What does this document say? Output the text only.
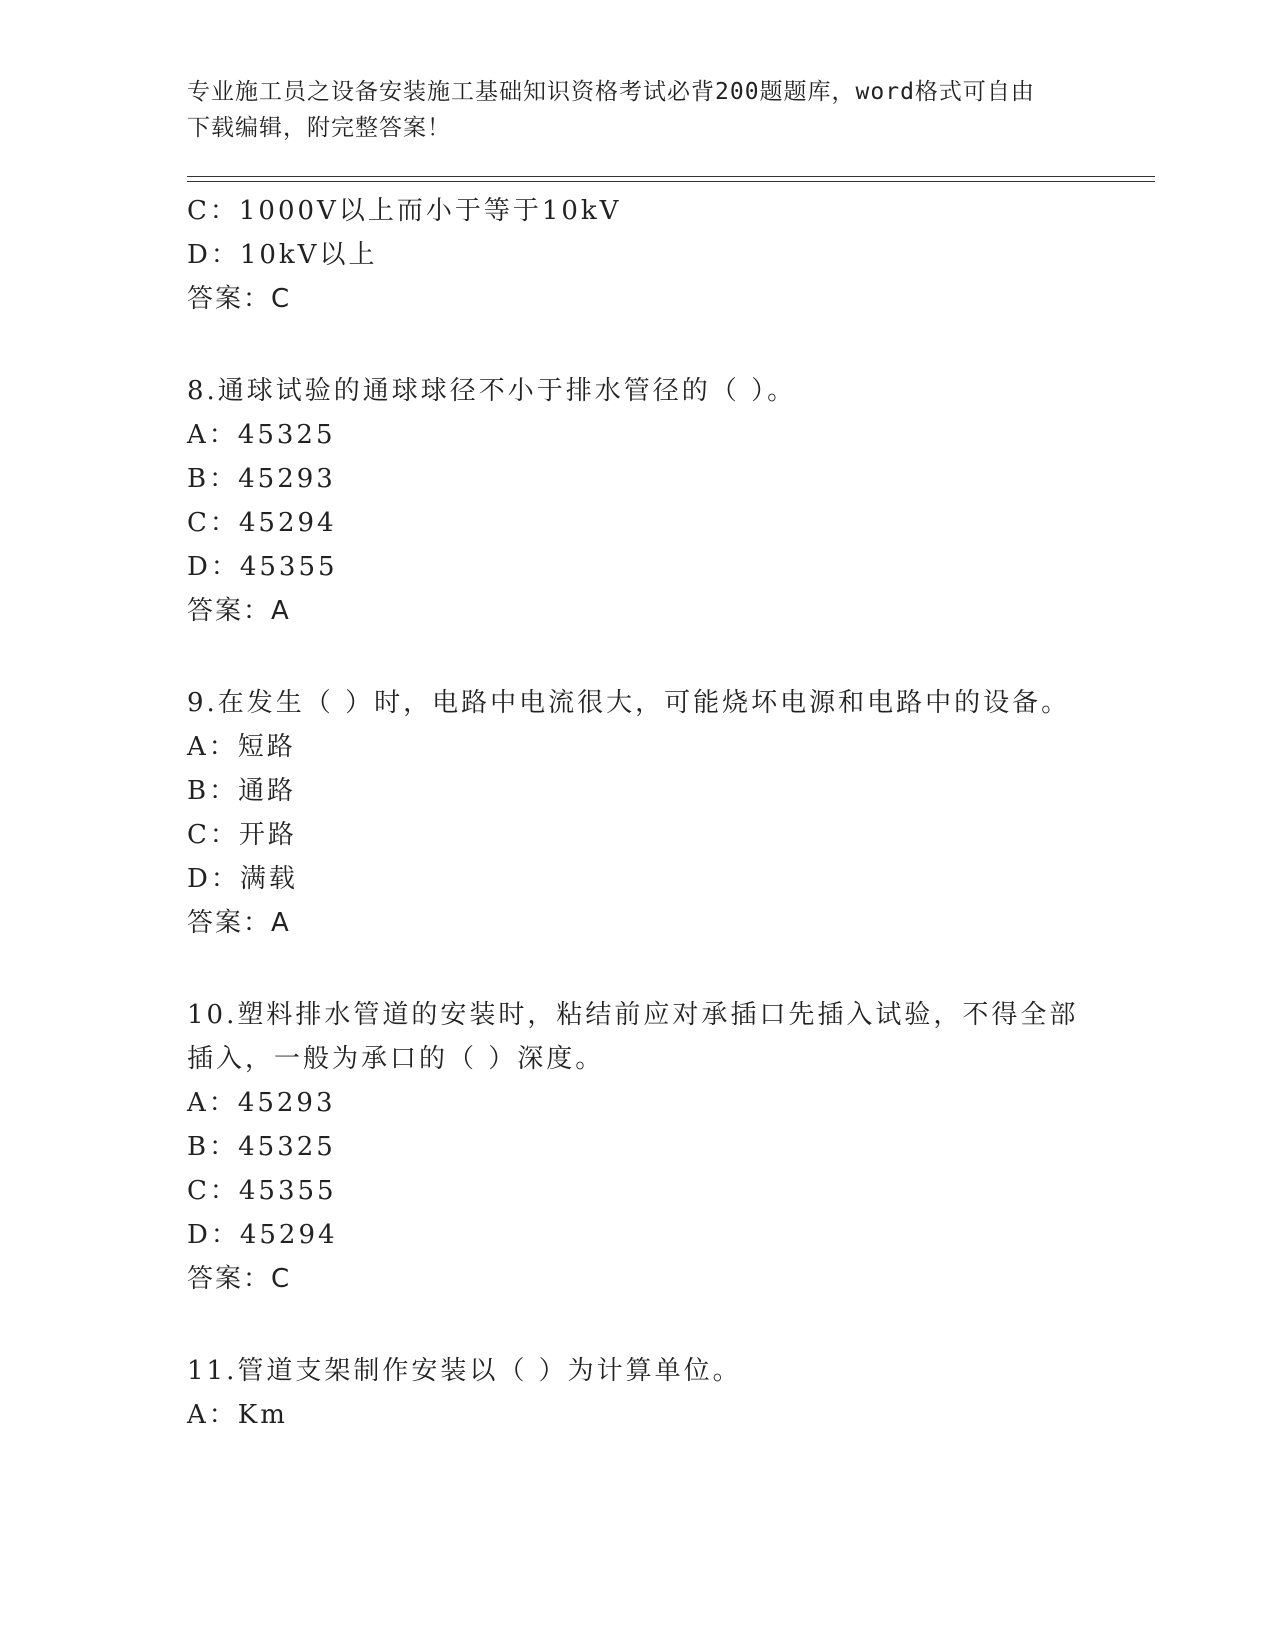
专业施工员之设备安装施工基础知识资格考试必背200题题库，word格式可自由
下载编辑，附完整答案！
C：1000V以上而小于等于10kV
D：10kV以上
答案：C
8.通球试验的通球球径不小于排水管径的（ ）。
A：45325
B：45293
C：45294
D：45355
答案：A
9.在发生（ ）时，电路中电流很大，可能烧坏电源和电路中的设备。
A：短路
B：通路
C：开路
D：满载
答案：A
10.塑料排水管道的安装时，粘结前应对承插口先插入试验，不得全部
插入，一般为承口的（ ）深度。
A：45293
B：45325
C：45355
D：45294
答案：C
11.管道支架制作安装以（ ）为计算单位。
A：Km
